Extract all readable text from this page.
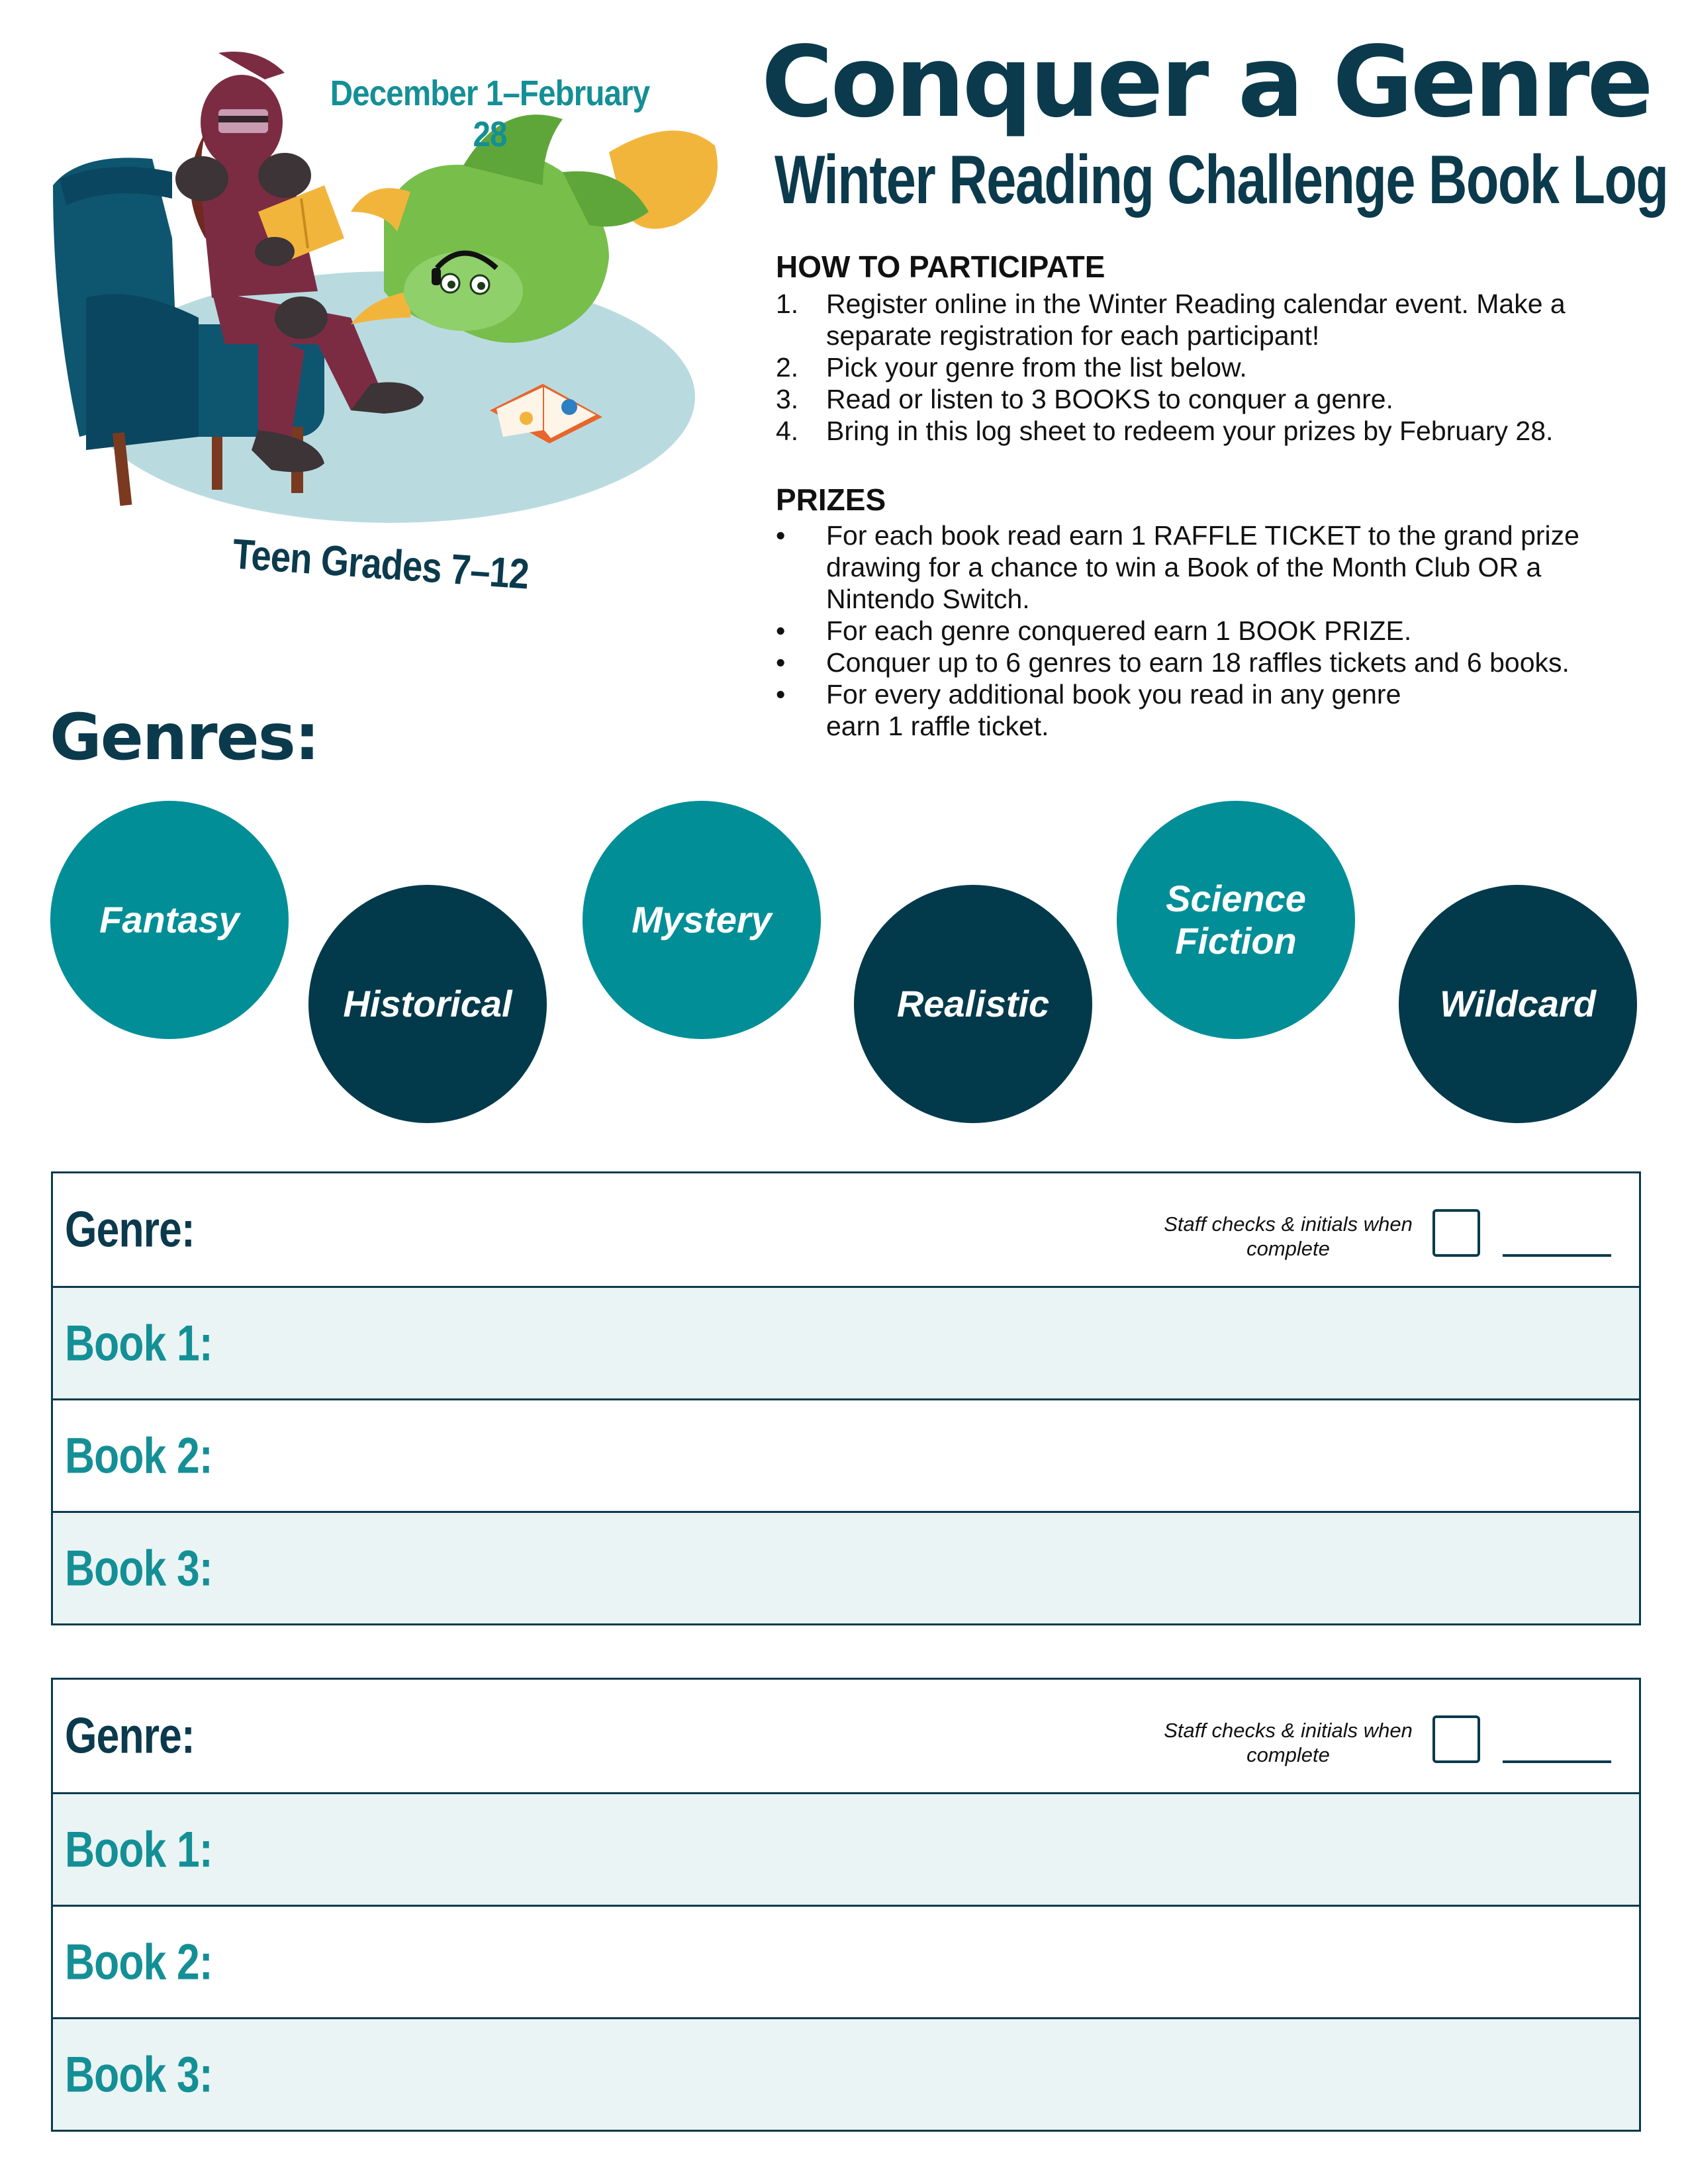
December 1–February 28
Teen Grades 7–12
Conquer a Genre
Winter Reading Challenge Book Log
HOW TO PARTICIPATE
1.	Register online in the Winter Reading calendar event. Make a separate registration for each participant!
2.	Pick your genre from the list below.
3.	Read or listen to 3 BOOKS to conquer a genre.
4.	Bring in this log sheet to redeem your prizes by February 28.
PRIZES
•	For each book read earn 1 RAFFLE TICKET to the grand prize drawing for a chance to win a Book of the Month Club OR a Nintendo Switch.
•	For each genre conquered earn 1 BOOK PRIZE.
•	Conquer up to 6 genres to earn 18 raffles tickets and 6 books.
•	For every additional book you read in any genre earn 1 raffle ticket.
Genres:
Fantasy
Historical
Mystery
Realistic
Science Fiction
Wildcard
Genre:	Staff checks & initials when complete
Book 1:
Book 2:
Book 3:
Genre:	Staff checks & initials when complete
Book 1:
Book 2:
Book 3:
